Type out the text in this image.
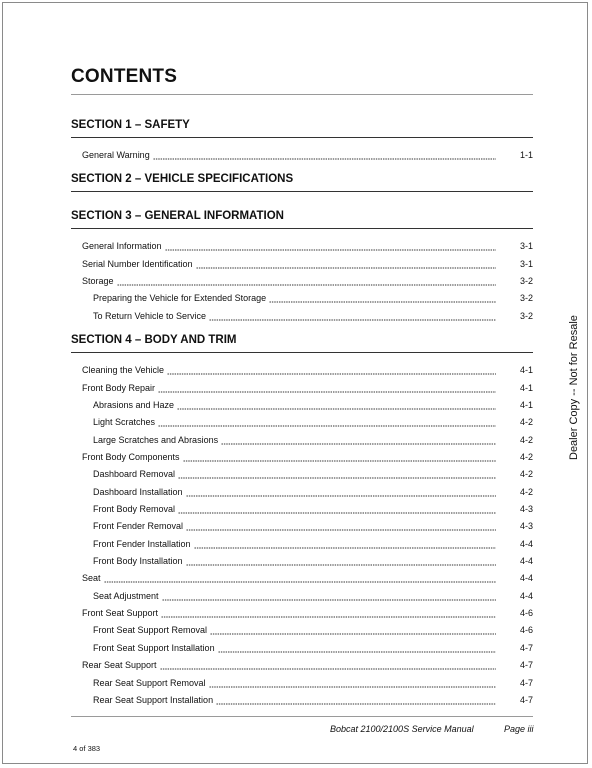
CONTENTS
SECTION 1 – SAFETY
General Warning	1-1
SECTION 2 – VEHICLE SPECIFICATIONS
SECTION 3 – GENERAL INFORMATION
General Information	3-1
Serial Number Identification	3-1
Storage	3-2
Preparing the Vehicle for Extended Storage	3-2
To Return Vehicle to Service	3-2
SECTION 4 – BODY AND TRIM
Cleaning the Vehicle	4-1
Front Body Repair	4-1
Abrasions and Haze	4-1
Light Scratches	4-2
Large Scratches and Abrasions	4-2
Front Body Components	4-2
Dashboard Removal	4-2
Dashboard Installation	4-2
Front Body Removal	4-3
Front Fender Removal	4-3
Front Fender Installation	4-4
Front Body Installation	4-4
Seat	4-4
Seat Adjustment	4-4
Front Seat Support	4-6
Front Seat Support Removal	4-6
Front Seat Support Installation	4-7
Rear Seat Support	4-7
Rear Seat Support Removal	4-7
Rear Seat Support Installation	4-7
Dealer Copy -- Not for Resale
Bobcat 2100/2100S Service Manual	Page iii
4 of 383
